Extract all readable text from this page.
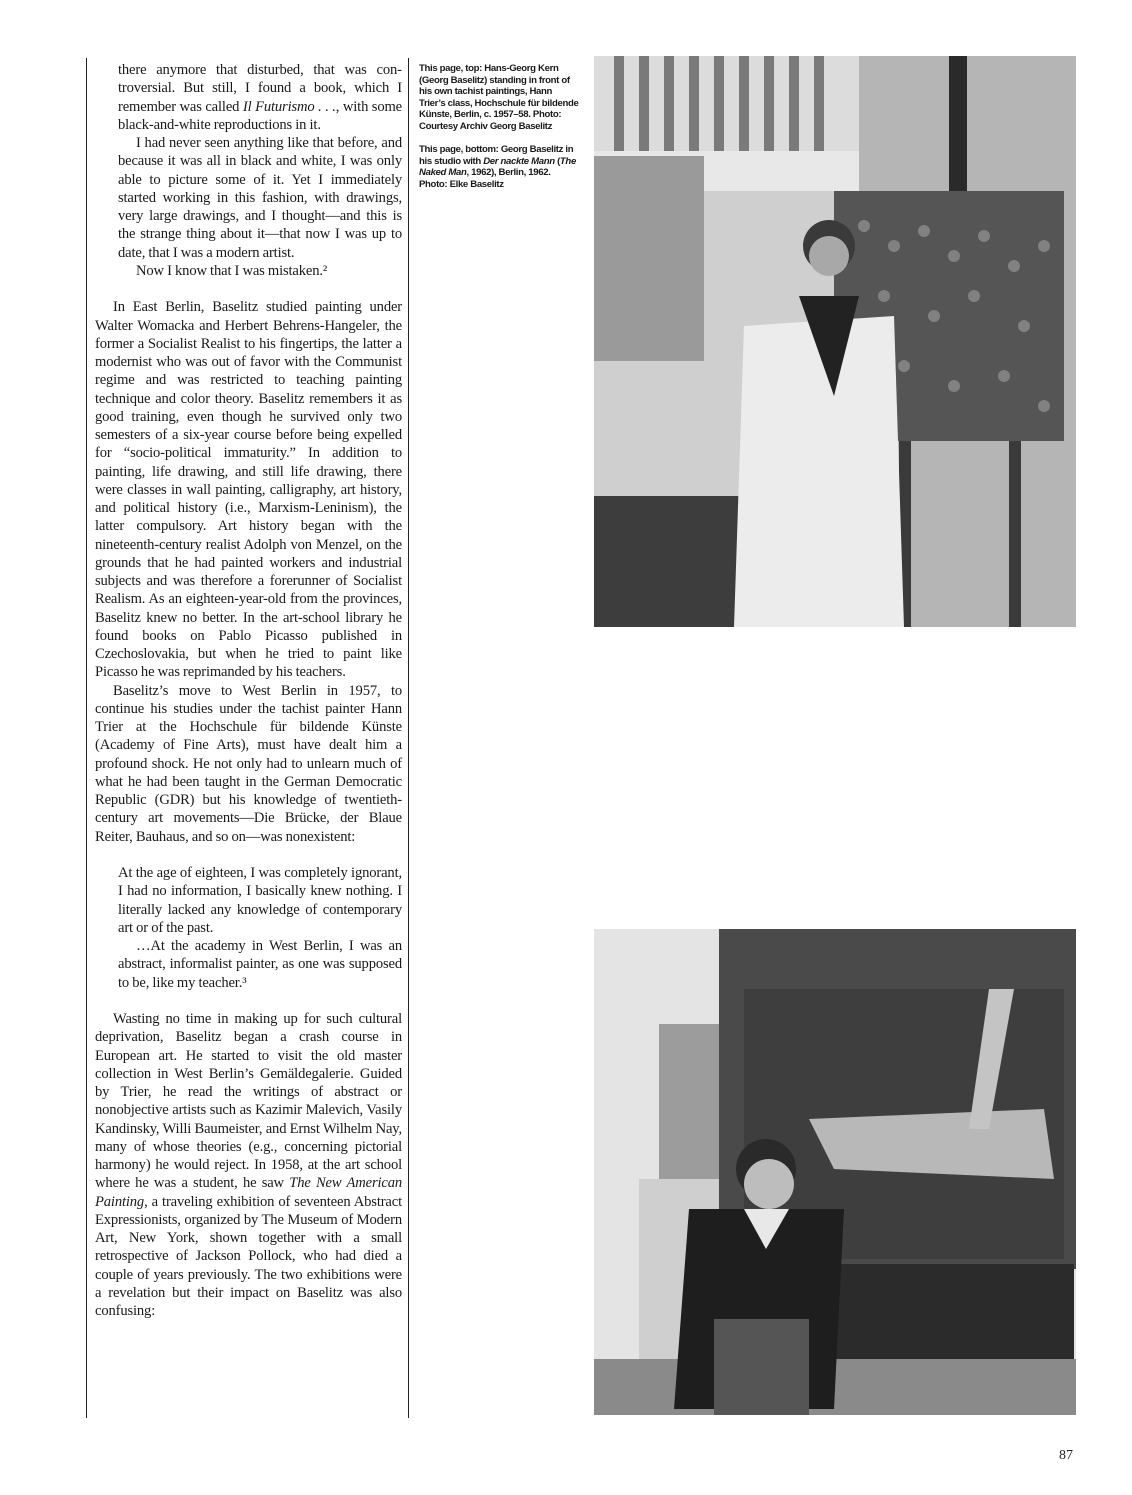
there anymore that disturbed, that was controversial. But still, I found a book, which I remember was called Il Futurismo . . ., with some black-and-white reproductions in it.

I had never seen anything like that before, and because it was all in black and white, I was only able to picture some of it. Yet I immediately started working in this fashion, with drawings, very large drawings, and I thought—and this is the strange thing about it—that now I was up to date, that I was a modern artist.

Now I know that I was mistaken.²

In East Berlin, Baselitz studied painting under Walter Womacka and Herbert Behrens-Hangeler, the former a Socialist Realist to his fingertips, the latter a modernist who was out of favor with the Communist regime and was restricted to teaching painting technique and color theory. Baselitz remembers it as good training, even though he survived only two semesters of a six-year course before being expelled for “socio-political immaturity.” In addition to painting, life drawing, and still life drawing, there were classes in wall painting, calligraphy, art history, and political history (i.e., Marxism-Leninism), the latter compulsory. Art history began with the nineteenth-century realist Adolph von Menzel, on the grounds that he had painted workers and industrial subjects and was therefore a forerunner of Socialist Realism. As an eighteen-year-old from the provinces, Baselitz knew no better. In the art-school library he found books on Pablo Picasso published in Czechoslovakia, but when he tried to paint like Picasso he was reprimanded by his teachers.

Baselitz’s move to West Berlin in 1957, to continue his studies under the tachist painter Hann Trier at the Hochschule für bildende Künste (Academy of Fine Arts), must have dealt him a profound shock. He not only had to unlearn much of what he had been taught in the German Democratic Republic (GDR) but his knowledge of twentieth-century art movements—Die Brücke, der Blaue Reiter, Bauhaus, and so on—was nonexistent:

At the age of eighteen, I was completely ignorant, I had no information, I basically knew nothing. I literally lacked any knowledge of contemporary art or of the past.

…At the academy in West Berlin, I was an abstract, informalist painter, as one was supposed to be, like my teacher.³

Wasting no time in making up for such cultural deprivation, Baselitz began a crash course in European art. He started to visit the old master collection in West Berlin’s Gemäldegalerie. Guided by Trier, he read the writings of abstract or nonobjective artists such as Kazimir Malevich, Vasily Kandinsky, Willi Baumeister, and Ernst Wilhelm Nay, many of whose theories (e.g., concerning pictorial harmony) he would reject. In 1958, at the art school where he was a student, he saw The New American Painting, a traveling exhibition of seventeen Abstract Expressionists, organized by The Museum of Modern Art, New York, shown together with a small retrospective of Jackson Pollock, who had died a couple of years previously. The two exhibitions were a revelation but their impact on Baselitz was also confusing:

This page, top: Hans-Georg Kern (Georg Baselitz) standing in front of his own tachist paintings, Hann Trier’s class, Hochschule für bildende Künste, Berlin, c. 1957–58. Photo: Courtesy Archiv Georg Baselitz

This page, bottom: Georg Baselitz in his studio with Der nackte Mann (The Naked Man, 1962), Berlin, 1962. Photo: Elke Baselitz

87
